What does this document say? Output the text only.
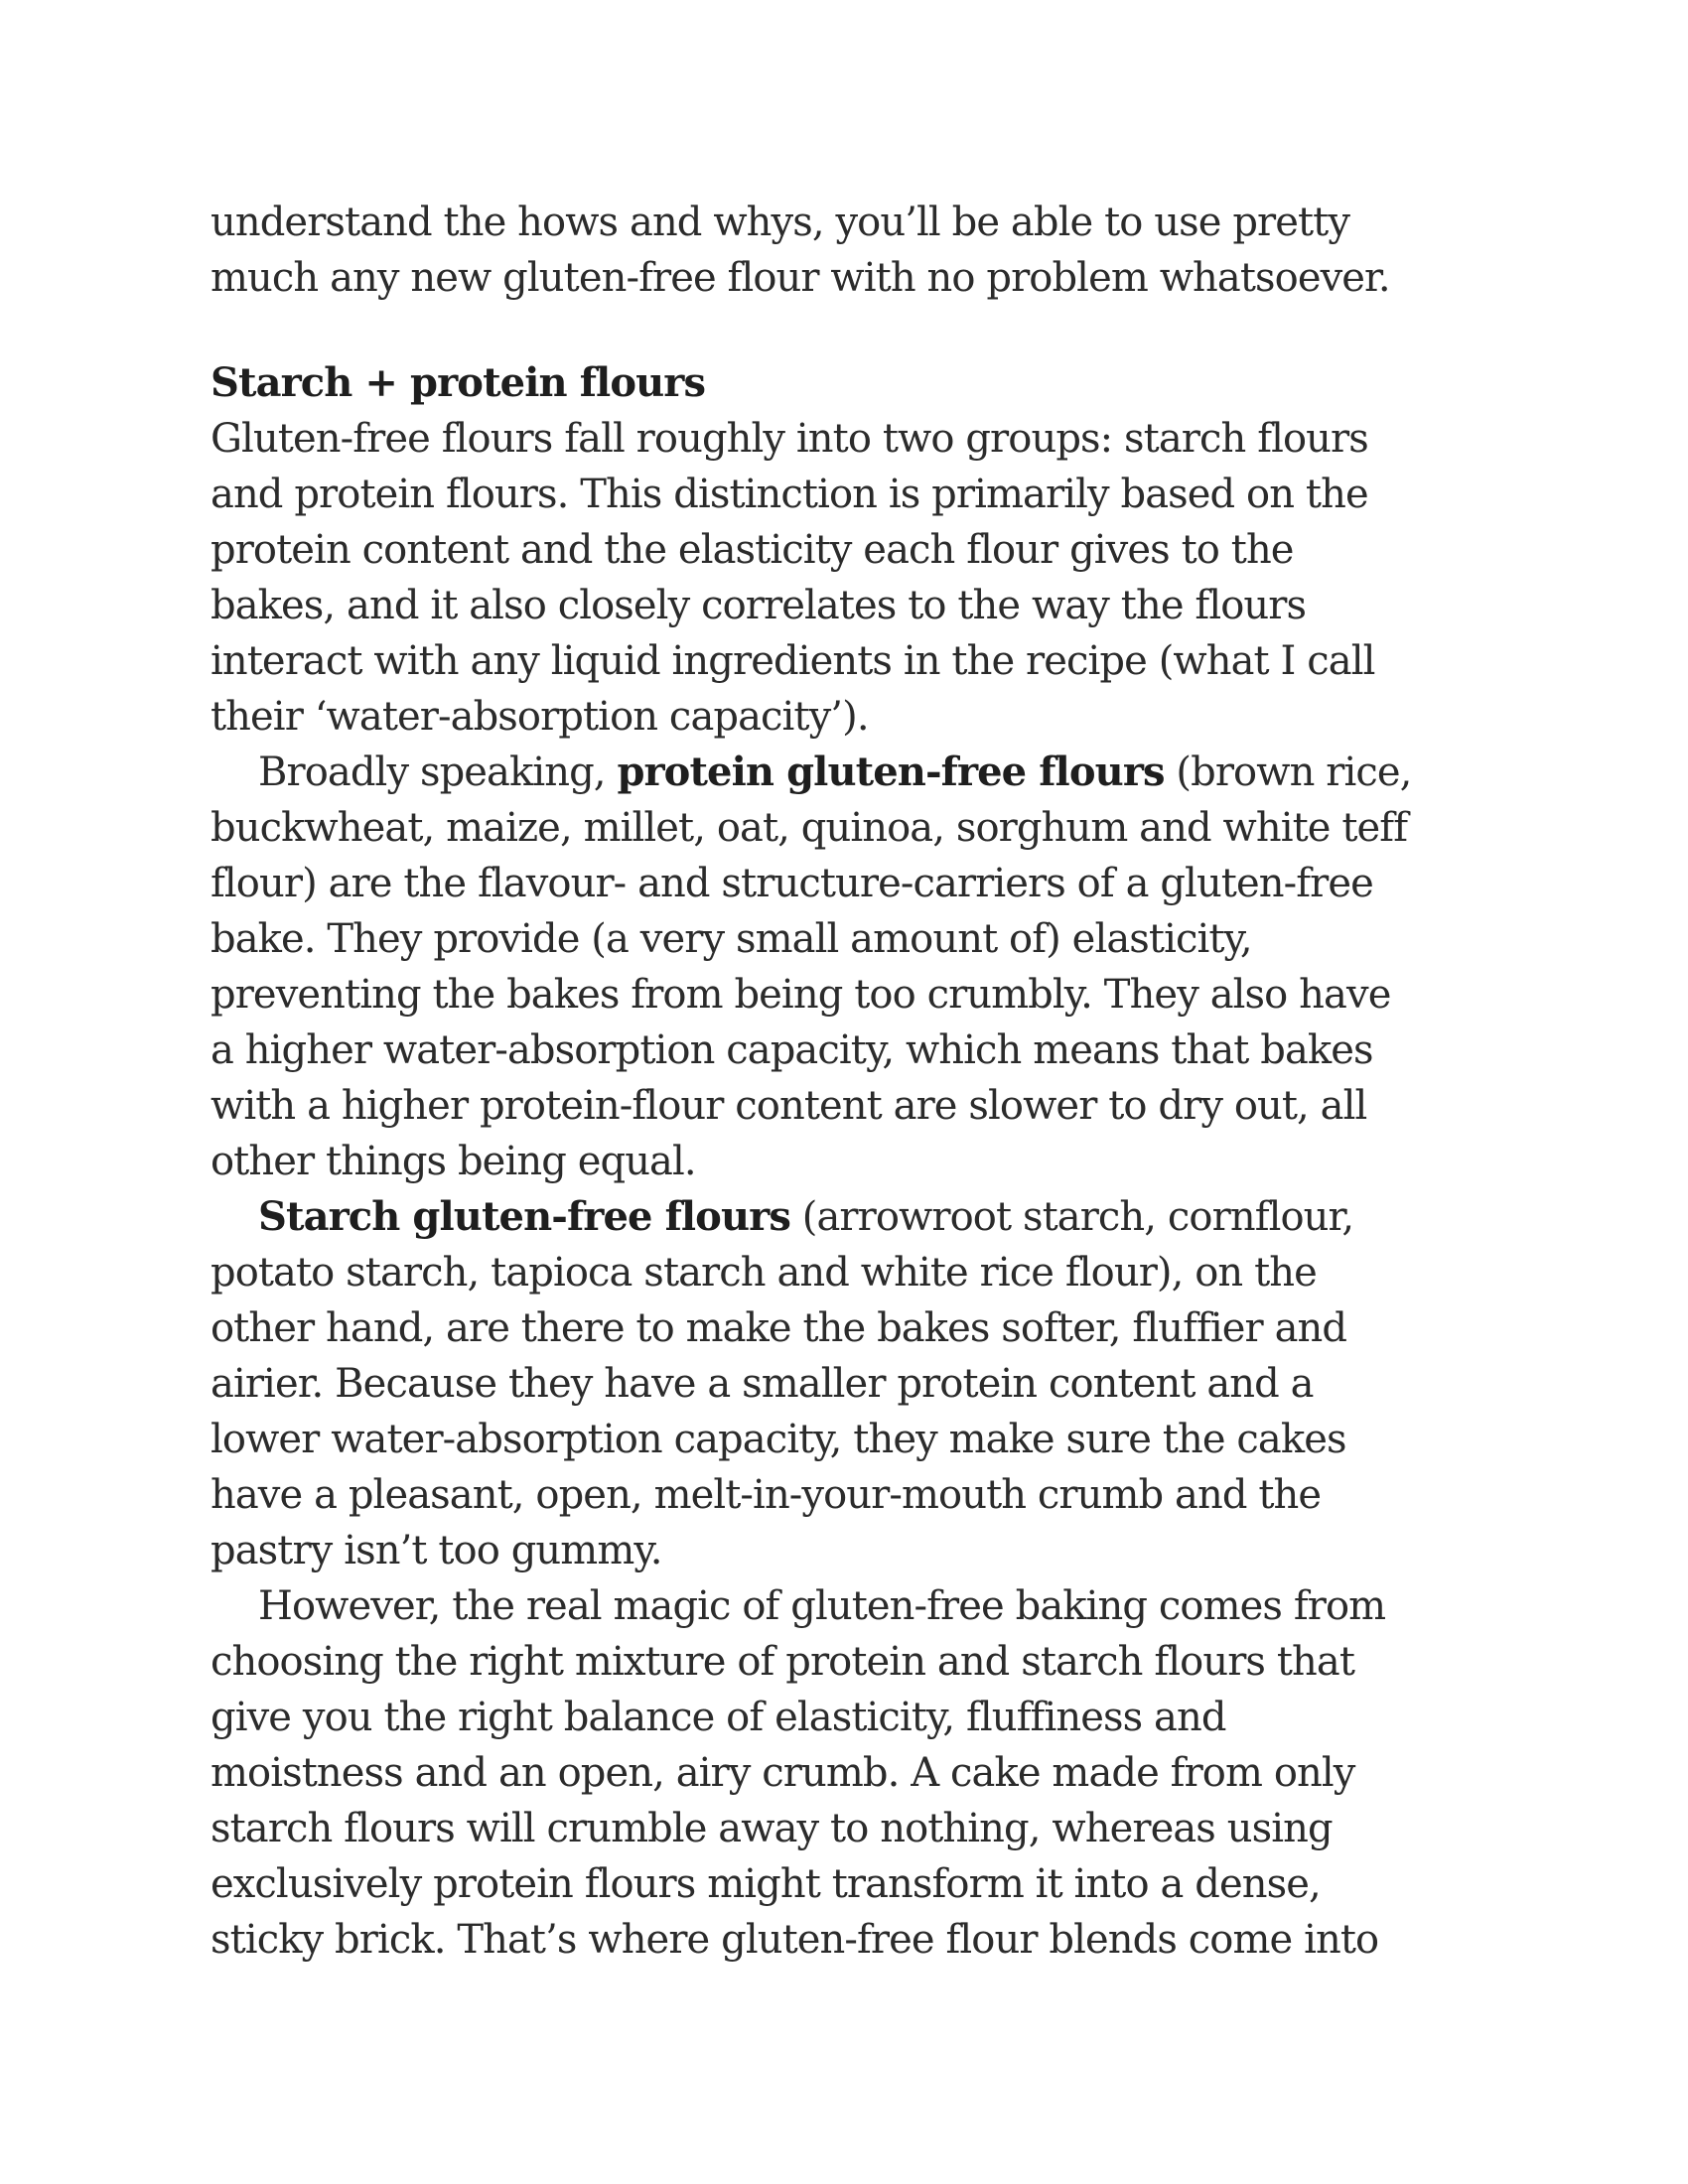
understand the hows and whys, you’ll be able to use pretty
much any new gluten-free flour with no problem whatsoever.
Starch + protein flours
Gluten-free flours fall roughly into two groups: starch flours
and protein flours. This distinction is primarily based on the
protein content and the elasticity each flour gives to the
bakes, and it also closely correlates to the way the flours
interact with any liquid ingredients in the recipe (what I call
their ‘water-absorption capacity’).
Broadly speaking, protein gluten-free flours (brown rice,
buckwheat, maize, millet, oat, quinoa, sorghum and white teff
flour) are the flavour- and structure-carriers of a gluten-free
bake. They provide (a very small amount of) elasticity,
preventing the bakes from being too crumbly. They also have
a higher water-absorption capacity, which means that bakes
with a higher protein-flour content are slower to dry out, all
other things being equal.
Starch gluten-free flours (arrowroot starch, cornflour,
potato starch, tapioca starch and white rice flour), on the
other hand, are there to make the bakes softer, fluffier and
airier. Because they have a smaller protein content and a
lower water-absorption capacity, they make sure the cakes
have a pleasant, open, melt-in-your-mouth crumb and the
pastry isn’t too gummy.
However, the real magic of gluten-free baking comes from
choosing the right mixture of protein and starch flours that
give you the right balance of elasticity, fluffiness and
moistness and an open, airy crumb. A cake made from only
starch flours will crumble away to nothing, whereas using
exclusively protein flours might transform it into a dense,
sticky brick. That’s where gluten-free flour blends come into
